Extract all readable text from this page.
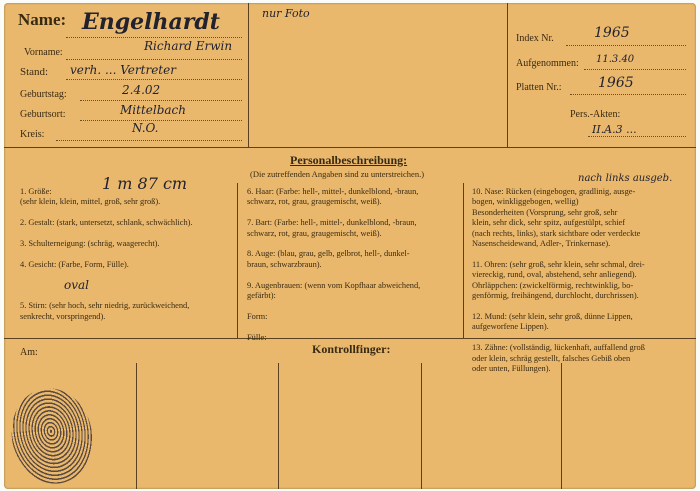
Name: Engelhardt
Vorname:	Richard Erwin
Stand: verh. ... Vertreter
Geburtstag:	2.4.02
Geburtsort:	Mittelbach
Kreis:	N.O.
nur Foto
Index Nr.	1965
Aufgenommen: 11.3.40
Platten Nr.:	1965
Pers.-Akten:
II.A.3 ...
Personalbeschreibung:
(Die zutreffenden Angaben sind zu unterstreichen.)
1. Größe:
(sehr klein, klein, mittel, groß, sehr groß).

2. Gestalt: (stark, untersetzt, schlank, schwächlich).

3. Schulterneigung: (schräg, waagerecht).

4. Gesicht: (Farbe, Form, Fülle).

5. Stirn: (sehr hoch, sehr niedrig, zurückweichend,
senkrecht, vorspringend).
1 m 87 cm
oval
6. Haar: (Farbe: hell-, mittel-, dunkelblond, -braun,
schwarz, rot, grau, graugemischt, weiß).

7. Bart: (Farbe: hell-, mittel-, dunkelblond, -braun,
schwarz, rot, grau, graugemischt, weiß).

8. Auge: (blau, grau, gelb, gelbrot, hell-, dunkel-
braun, schwarzbraun).

9. Augenbrauen: (wenn vom Kopfhaar abweichend,
gefärbt):

Form:

Fülle:
10. Nase: Rücken (eingebogen, gradlinig, ausge-
bogen, winkliggebogen, wellig)
Besonderheiten (Vorsprung, sehr groß, sehr
klein, sehr dick, sehr spitz, aufgestülpt, schief
(nach rechts, links), stark sichtbare oder verdeckte
Nasenscheidewand, Adler-, Trinkernase).

11. Ohren: (sehr groß, sehr klein, sehr schmal, drei-
viereckig, rund, oval, abstehend, sehr anliegend).
Ohrläppchen: (zwickelförmig, rechtwinklig, bo-
genförmig, freihängend, durchlocht, durchrissen).

12. Mund: (sehr klein, sehr groß, dünne Lippen,
aufgeworfene Lippen).

13. Zähne: (vollständig, lückenhaft, auffallend groß
oder klein, schräg gestellt, falsches Gebiß oben
oder unten, Füllungen).
nach links ausgeb.
Am:	Kontrollfinger:
